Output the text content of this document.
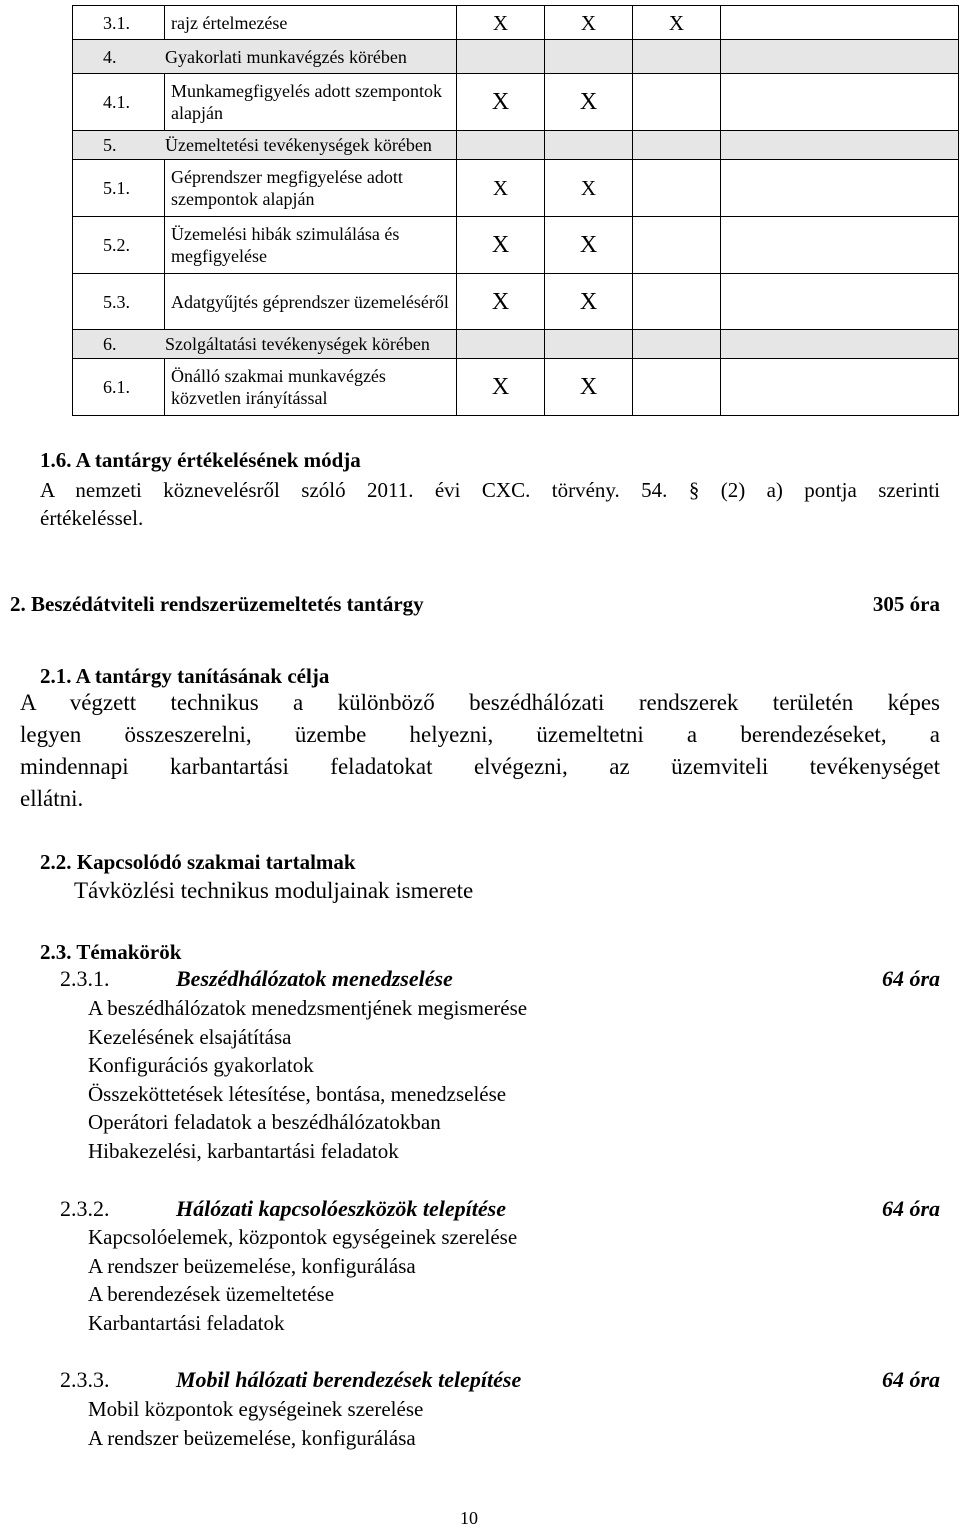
3.1.	rajz értelmezése	X	X	X	
4. Gyakorlati munkavégzés körében					
4.1.	Munkamegfigyelés adott szempontok alapján	X	X		
5. Üzemeltetési tevékenységek körében					
5.1.	Géprendszer megfigyelése adott szempontok alapján	X	X		
5.2.	Üzemelési hibák szimulálása és megfigyelése	X	X		
5.3.	Adatgyűjtés géprendszer üzemeléséről	X	X		
6. Szolgáltatási tevékenységek körében					
6.1.	Önálló szakmai munkavégzés közvetlen irányítással	X	X		
1.6. A tantárgy értékelésének módja
A nemzeti köznevelésről szóló 2011. évi CXC. törvény. 54. § (2) a) pontja szerinti
értékeléssel.
2. Beszédátviteli rendszerüzemeltetés tantárgy	305 óra
2.1. A tantárgy tanításának célja
A végzett technikus a különböző beszédhálózati rendszerek területén képes
legyen összeszerelni, üzembe helyezni, üzemeltetni a berendezéseket, a
mindennapi karbantartási feladatokat elvégezni, az üzemviteli tevékenységet
ellátni.
2.2. Kapcsolódó szakmai tartalmak
Távközlési technikus moduljainak ismerete
2.3. Témakörök
2.3.1.	Beszédhálózatok menedzselése	64 óra
A beszédhálózatok menedzsmentjének megismerése
Kezelésének elsajátítása
Konfigurációs gyakorlatok
Összeköttetések létesítése, bontása, menedzselése
Operátori feladatok a beszédhálózatokban
Hibakezelési, karbantartási feladatok
2.3.2.	Hálózati kapcsolóeszközök telepítése	64 óra
Kapcsolóelemek, központok egységeinek szerelése
A rendszer beüzemelése, konfigurálása
A berendezések üzemeltetése
Karbantartási feladatok
2.3.3.	Mobil hálózati berendezések telepítése	64 óra
Mobil központok egységeinek szerelése
A rendszer beüzemelése, konfigurálása
10
